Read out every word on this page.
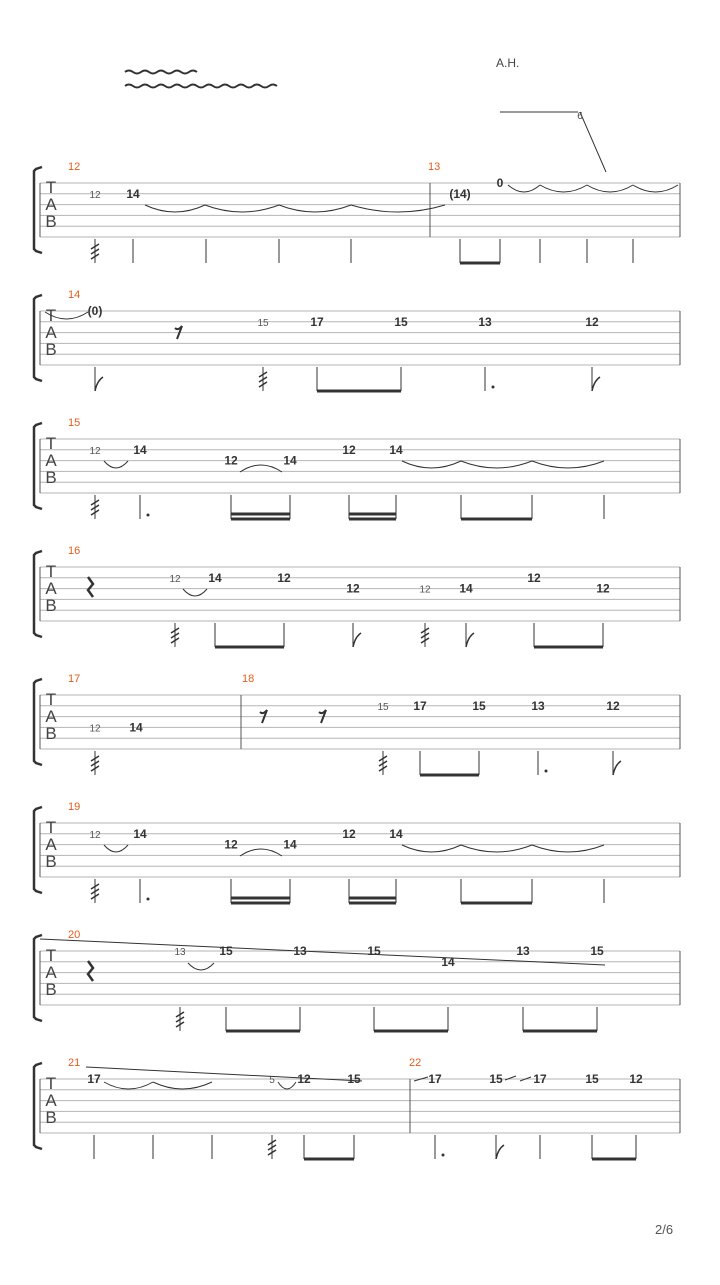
T
A
B
12
12 14
13
(14)
0
T
A
B
14
(0)
15	17	15	13	12
T
A
B
15
12	14
12	14
12	14
T
A
B
16
12 14	12
12	12 14
12
12
T
A
B
17
12 14
18
15 17	15	13	12
T
A
B
19
12	14
12	14
12	14
T
A
B
20
13	15	15
14
13	15
T
A
B
21
17	5 12	15
22
17	15	17	15	12
6
A.H.
2/6
